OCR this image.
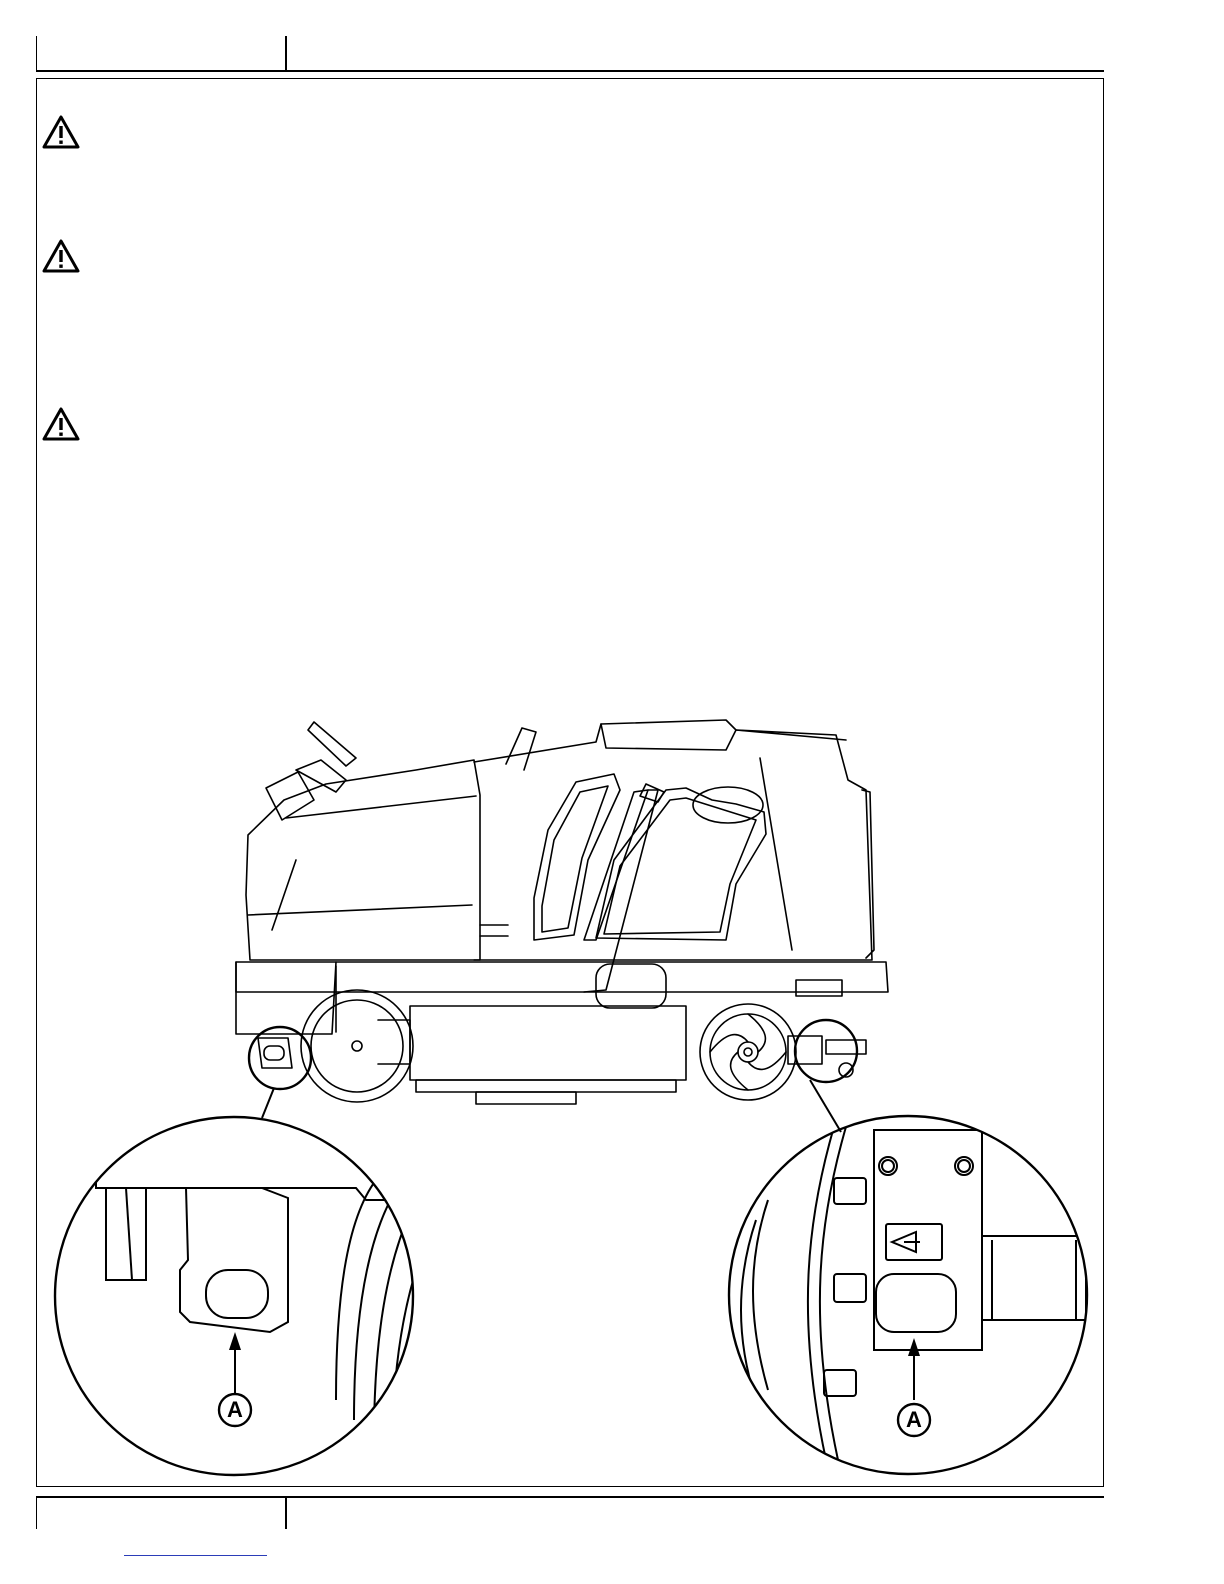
A	A
